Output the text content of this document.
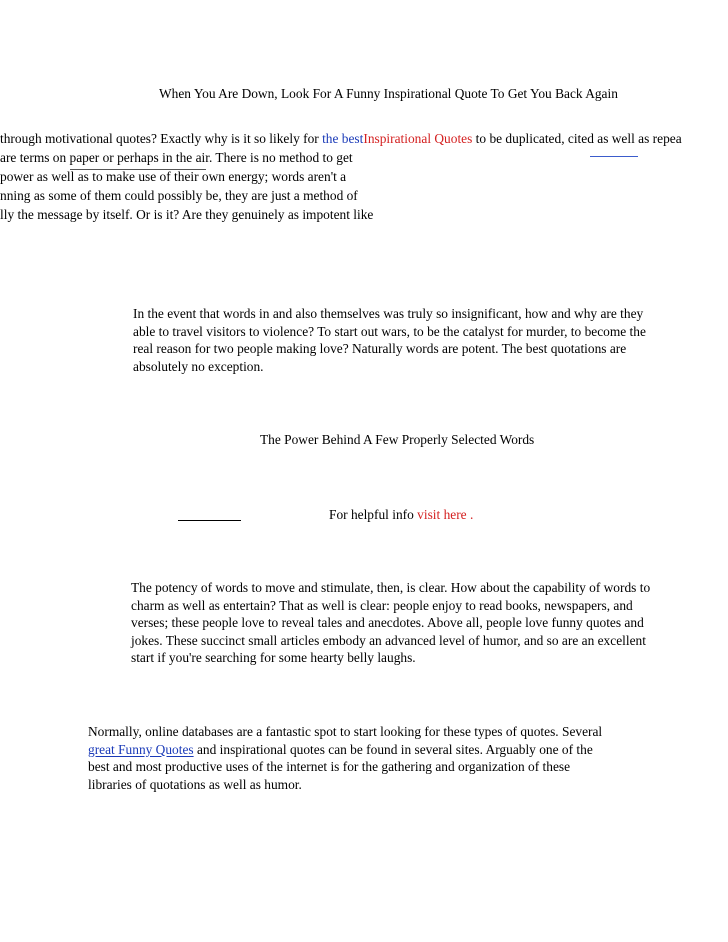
When You Are Down, Look For A Funny Inspirational Quote To Get You Back Again
through motivational quotes? Exactly why is it so likely for the bestInspirational Quotes to be duplicated, cited as well as repea
are terms on paper or perhaps in the air. There is no method to get
power as well as to make use of their own energy; words aren't a
nning as some of them could possibly be, they are just a method of
lly the message by itself. Or is it? Are they genuinely as impotent like
In the event that words in and also themselves was truly so insignificant, how and why are they
able to travel visitors to violence? To start out wars, to be the catalyst for murder, to become the
real reason for two people making love? Naturally words are potent. The best quotations are
absolutely no exception.
The Power Behind A Few Properly Selected Words
For helpful info visit here .
The potency of words to move and stimulate, then, is clear. How about the capability of words to
charm as well as entertain? That as well is clear: people enjoy to read books, newspapers, and
verses; these people love to reveal tales and anecdotes. Above all, people love funny quotes and
jokes. These succinct small articles embody an advanced level of humor, and so are an excellent
start if you're searching for some hearty belly laughs.
Normally, online databases are a fantastic spot to start looking for these types of quotes. Several
great Funny Quotes and inspirational quotes can be found in several sites. Arguably one of the
best and most productive uses of the internet is for the gathering and organization of these
libraries of quotations as well as humor.
